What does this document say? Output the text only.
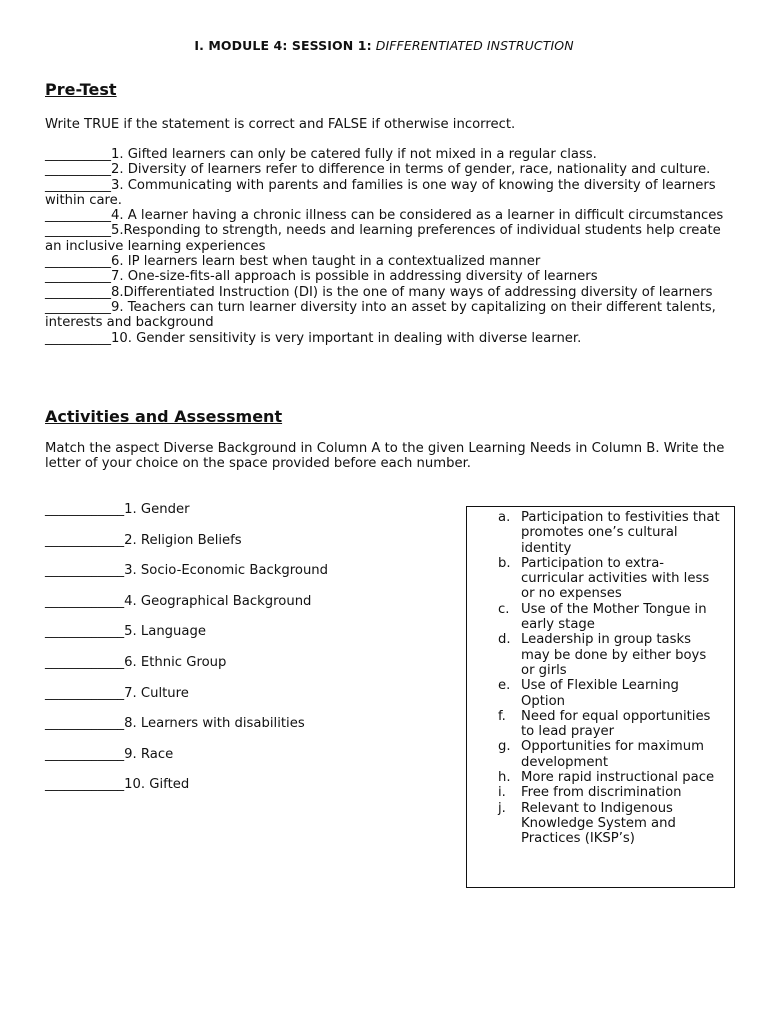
I. MODULE 4: SESSION 1: DIFFERENTIATED INSTRUCTION
Pre-Test

Write TRUE if the statement is correct and FALSE if otherwise incorrect.

__________1. Gifted learners can only be catered fully if not mixed in a regular class.

__________2. Diversity of learners refer to difference in terms of gender, race, nationality and culture.

__________3. Communicating with parents and families is one way of knowing the diversity of learners within care.

__________4. A learner having a chronic illness can be considered as a learner in difficult circumstances

__________5.Responding to strength, needs and learning preferences of individual students help create an inclusive learning experiences

__________6. IP learners learn best when taught in a contextualized manner

__________7. One-size-fits-all approach is possible in addressing diversity of learners

__________8.Differentiated Instruction (DI) is the one of many ways of addressing diversity of learners

__________9. Teachers can turn learner diversity into an asset by capitalizing on their different talents, interests and background

__________10. Gender sensitivity is very important in dealing with diverse learner.

Activities and Assessment

Match the aspect Diverse Background in Column A to the given Learning Needs in Column B. Write the letter of your choice on the space provided before each number.

____________1. Gender
____________2. Religion Beliefs
____________3. Socio-Economic Background
____________4. Geographical Background
____________5. Language
____________6. Ethnic Group
____________7. Culture
____________8. Learners with disabilities
____________9. Race
____________10. Gifted
a. Participation to festivities that promotes one’s cultural identity
b. Participation to extra-curricular activities with less or no expenses
c. Use of the Mother Tongue in early stage
d. Leadership in group tasks may be done by either boys or girls
e. Use of Flexible Learning Option
f. Need for equal opportunities to lead prayer
g. Opportunities for maximum development
h. More rapid instructional pace
i. Free from discrimination
j. Relevant to Indigenous Knowledge System and Practices (IKSP’s)
